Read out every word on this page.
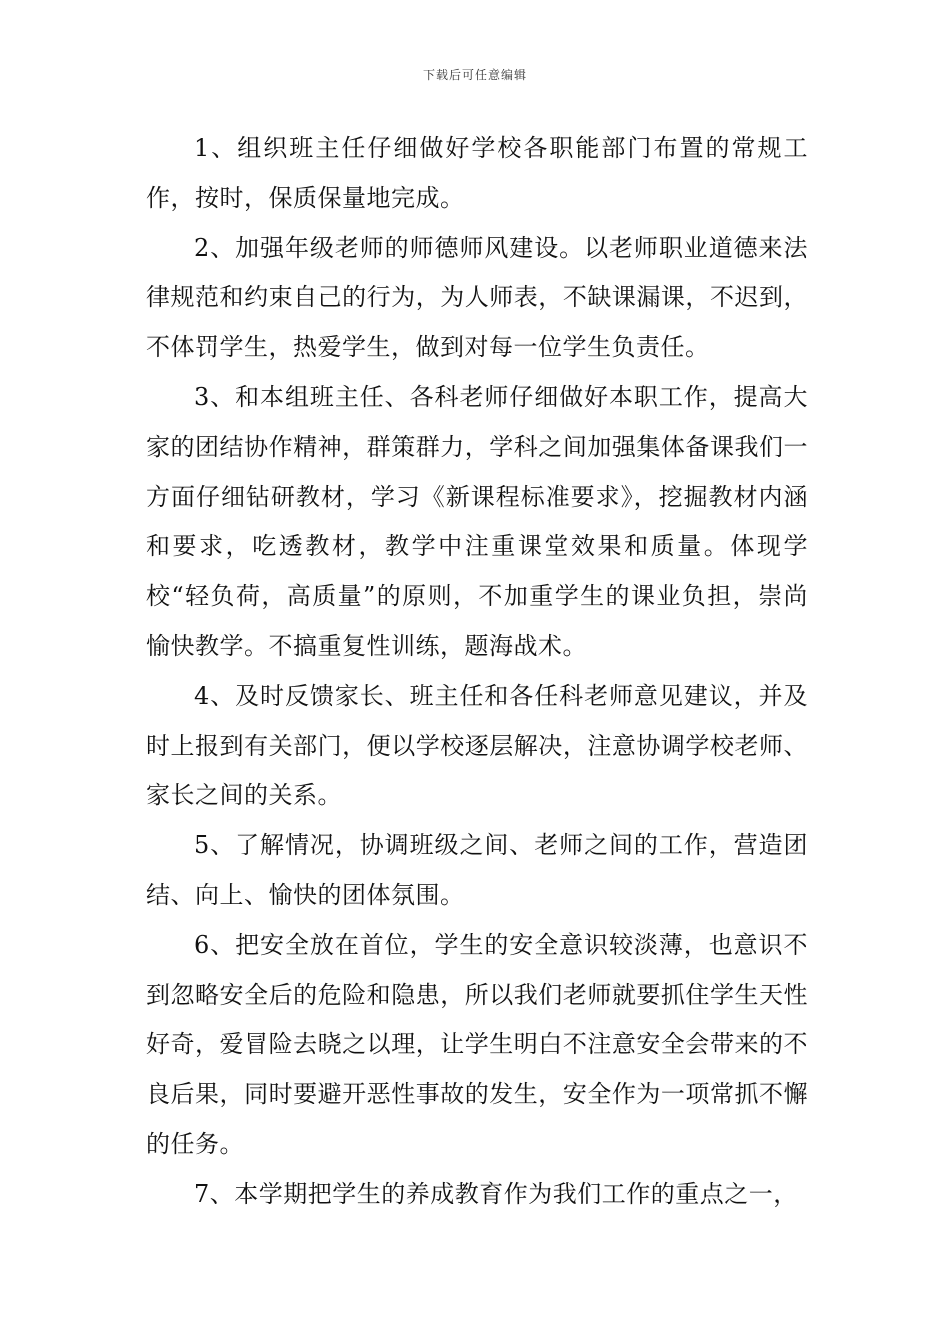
下载后可任意编辑

1、组织班主任仔细做好学校各职能部门布置的常规工作，按时，保质保量地完成。

2、加强年级老师的师德师风建设。以老师职业道德来法律规范和约束自己的行为，为人师表，不缺课漏课，不迟到，不体罚学生，热爱学生，做到对每一位学生负责任。

3、和本组班主任、各科老师仔细做好本职工作，提高大家的团结协作精神，群策群力，学科之间加强集体备课我们一方面仔细钻研教材，学习《新课程标准要求》，挖掘教材内涵和要求，吃透教材，教学中注重课堂效果和质量。体现学校“轻负荷，高质量”的原则，不加重学生的课业负担，崇尚愉快教学。不搞重复性训练，题海战术。

4、及时反馈家长、班主任和各任科老师意见建议，并及时上报到有关部门，便以学校逐层解决，注意协调学校老师、家长之间的关系。

5、了解情况，协调班级之间、老师之间的工作，营造团结、向上、愉快的团体氛围。

6、把安全放在首位，学生的安全意识较淡薄，也意识不到忽略安全后的危险和隐患，所以我们老师就要抓住学生天性好奇，爱冒险去晓之以理，让学生明白不注意安全会带来的不良后果，同时要避开恶性事故的发生，安全作为一项常抓不懈的任务。

7、本学期把学生的养成教育作为我们工作的重点之一，
